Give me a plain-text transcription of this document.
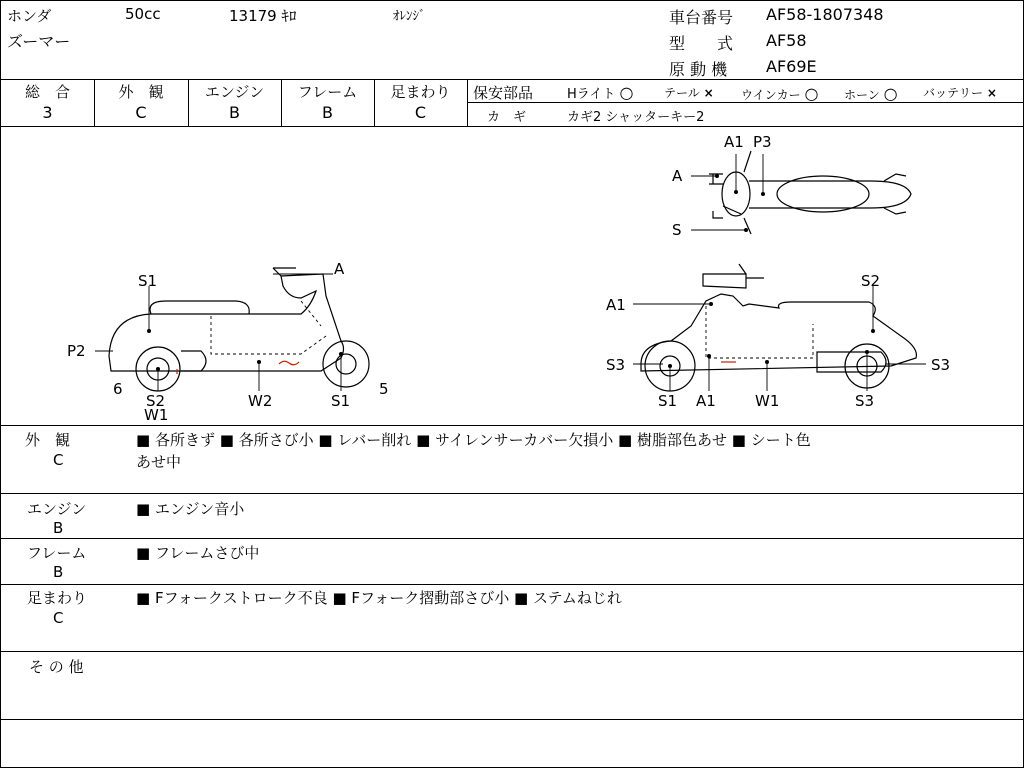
ホンダ	50cc	13179 ｷﾛ	ｵﾚﾝｼﾞ
ズーマー
車台番号 AF58-1807348
型　　式 AF58
原 動 機 AF69E
総　合
3
外　観
C
エンジン
B
フレーム
B
足まわり
C
保安部品	Hライト ○	テール × ウインカー ○ ホーン ○ バッテリー ×
カ　ギ	カギ2 シャッターキー2
A1 P3
A
S
S1
A
P2
6
S2
W1
W2	S1
5
S2
A1
S3
S1 A1	W1	S3
S3
外　観
C
■ 各所きず ■ 各所さび小 ■ レバー削れ ■ サイレンサーカバー欠損小 ■ 樹脂部色あせ ■ シート色
あせ中
エンジン
B
■ エンジン音小
フレーム
B
■ フレームさび中
足まわり
C
■ Fフォークストローク不良 ■ Fフォーク摺動部さび小 ■ ステムねじれ
そ の 他
